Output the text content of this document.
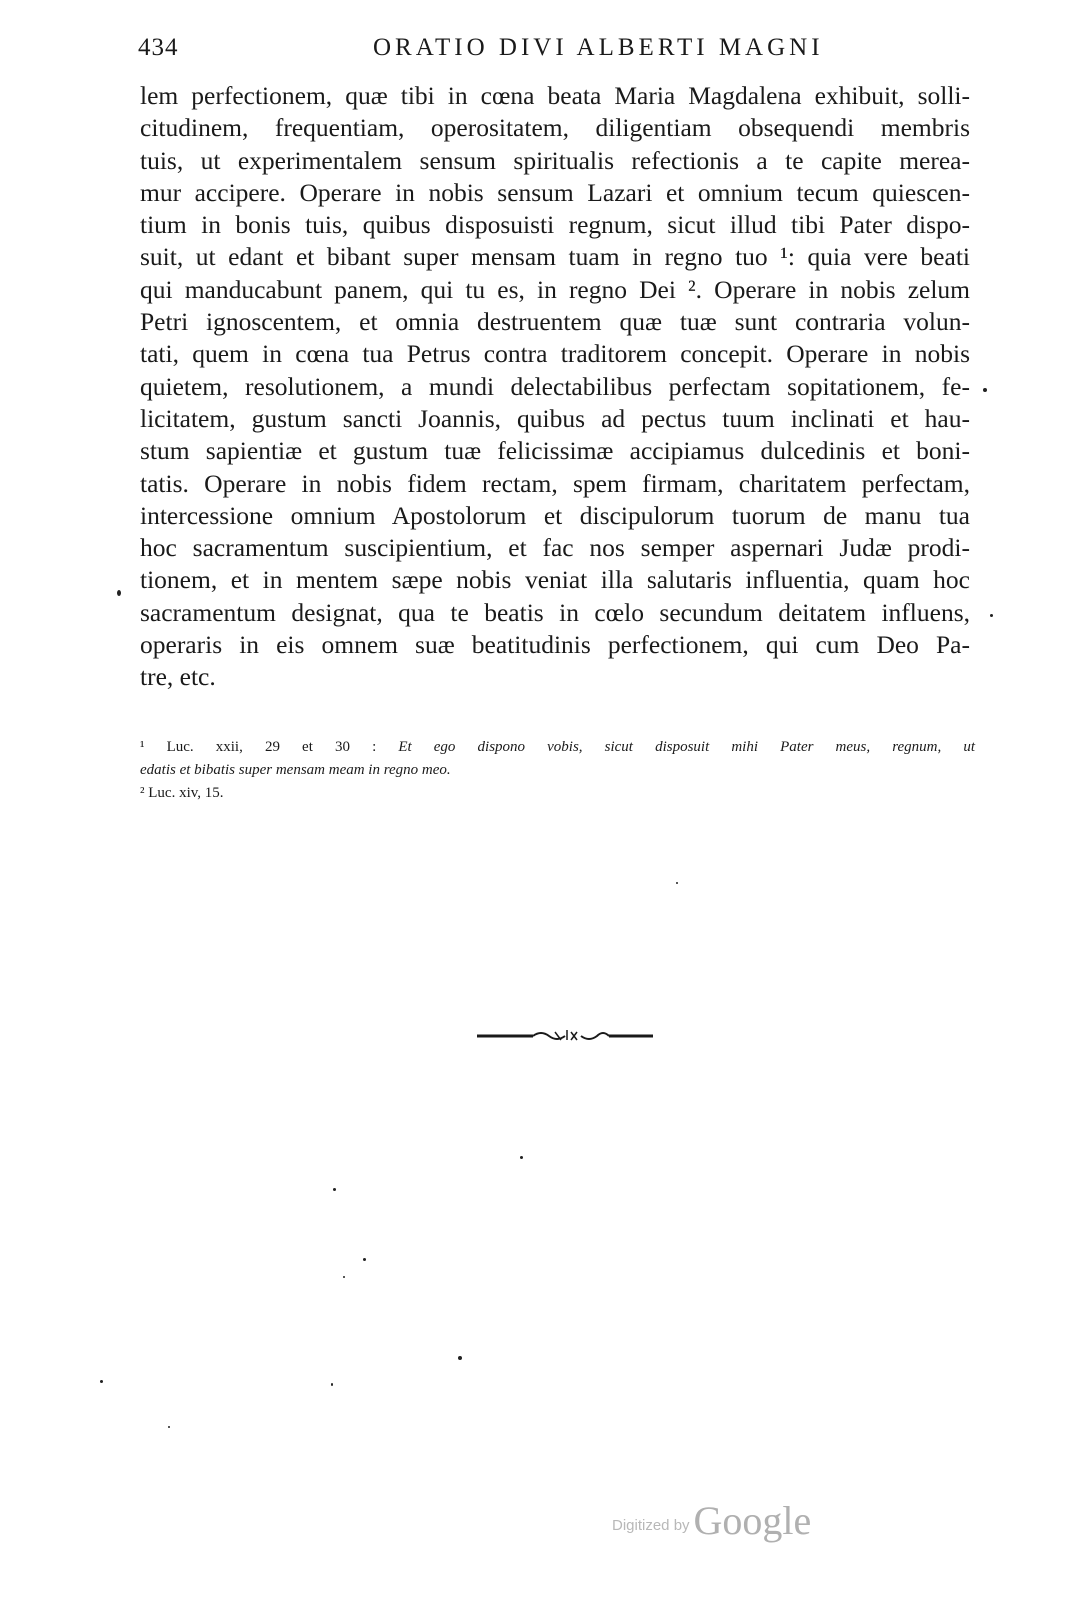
434	ORATIO DIVI ALBERTI MAGNI
lem perfectionem, quæ tibi in cœna beata Maria Magdalena exhibuit, solli-
citudinem, frequentiam, operositatem, diligentiam obsequendi membris
tuis, ut experimentalem sensum spiritualis refectionis a te capite merea-
mur accipere. Operare in nobis sensum Lazari et omnium tecum quiescen-
tium in bonis tuis, quibus disposuisti regnum, sicut illud tibi Pater dispo-
suit, ut edant et bibant super mensam tuam in regno tuo ¹: quia vere beati
qui manducabunt panem, qui tu es, in regno Dei ². Operare in nobis zelum
Petri ignoscentem, et omnia destruentem quæ tuæ sunt contraria volun-
tati, quem in cœna tua Petrus contra traditorem concepit. Operare in nobis
quietem, resolutionem, a mundi delectabilibus perfectam sopitationem, fe-
licitatem, gustum sancti Joannis, quibus ad pectus tuum inclinati et hau-
stum sapientiæ et gustum tuæ felicissimæ accipiamus dulcedinis et boni-
tatis. Operare in nobis fidem rectam, spem firmam, charitatem perfectam,
intercessione omnium Apostolorum et discipulorum tuorum de manu tua
hoc sacramentum suscipientium, et fac nos semper aspernari Judæ prodi-
tionem, et in mentem sæpe nobis veniat illa salutaris influentia, quam hoc
sacramentum designat, qua te beatis in cœlo secundum deitatem influens,
operaris in eis omnem suæ beatitudinis perfectionem, qui cum Deo Pa-
tre, etc.
¹ Luc. xxii, 29 et 30 : Et ego dispono vobis, sicut disposuit mihi Pater meus, regnum, ut
edatis et bibatis super mensam meam in regno meo.
² Luc. xiv, 15.
Digitized by Google
